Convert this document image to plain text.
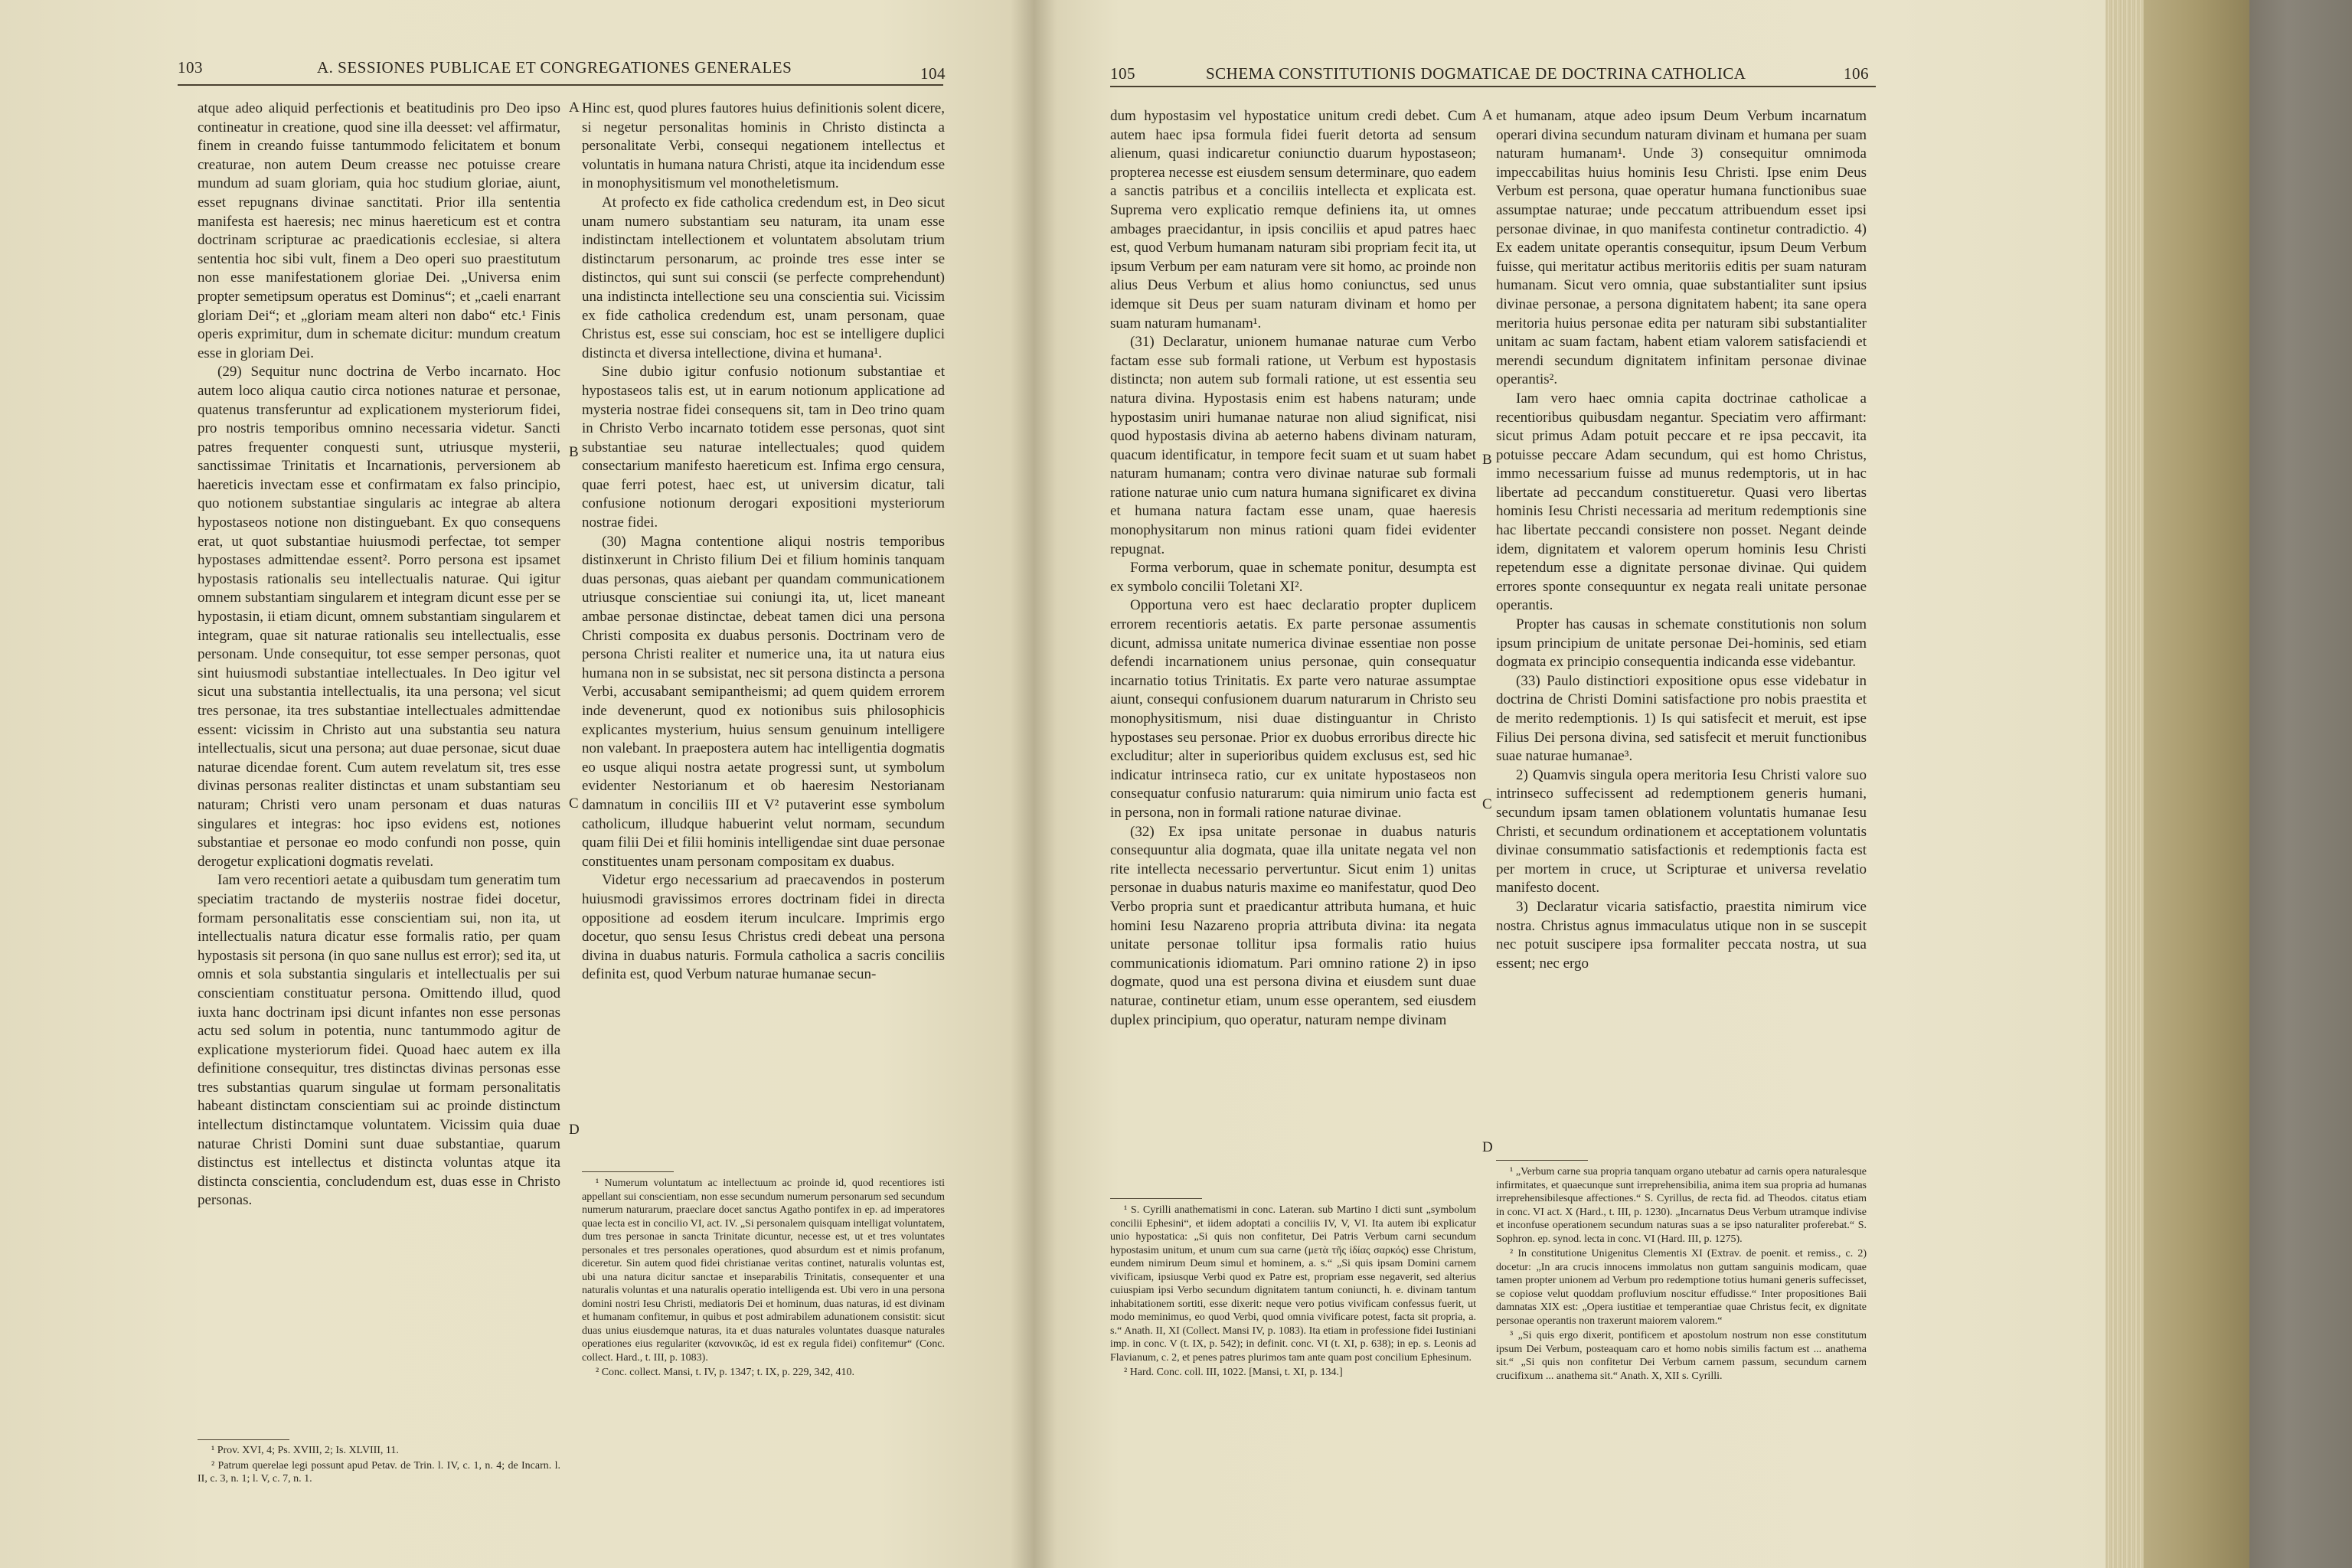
103	A. SESSIONES PUBLICAE ET CONGREGATIONES GENERALES	104

atque adeo aliquid perfectionis et beatitudinis pro Deo ipso contineatur in creatione, quod sine illa deesset: vel affirmatur, finem in creando fuisse tantummodo felicitatem et bonum creaturae, non autem Deum creasse nec potuisse creare mundum ad suam gloriam, quia hoc studium gloriae, aiunt, esset repugnans divinae sanctitati. Prior illa sententia manifesta est haeresis; nec minus haereticum est et contra doctrinam scripturae ac praedicationis ecclesiae, si altera sententia hoc sibi vult, finem a Deo operi suo praestitutum non esse manifestationem gloriae Dei. „Universa enim propter semetipsum operatus est Dominus“; et „caeli enarrant gloriam Dei“; et „gloriam meam alteri non dabo“ etc.¹ Finis operis exprimitur, dum in schemate dicitur: mundum creatum esse in gloriam Dei.

(29) Sequitur nunc doctrina de Verbo incarnato. Hoc autem loco aliqua cautio circa notiones naturae et personae, quatenus transferuntur ad explicationem mysteriorum fidei, pro nostris temporibus omnino necessaria videtur. Sancti patres frequenter conquesti sunt, utriusque mysterii, sanctissimae Trinitatis et Incarnationis, perversionem ab haereticis invectam esse et confirmatam ex falso principio, quo notionem substantiae singularis ac integrae ab altera hypostaseos notione non distinguebant. Ex quo consequens erat, ut quot substantiae huiusmodi perfectae, tot semper hypostases admittendae essent². Porro persona est ipsamet hypostasis rationalis seu intellectualis naturae. Qui igitur omnem substantiam singularem et integram dicunt esse per se hypostasin, ii etiam dicunt, omnem substantiam singularem et integram, quae sit naturae rationalis seu intellectualis, esse personam. Unde consequitur, tot esse semper personas, quot sint huiusmodi substantiae intellectuales. In Deo igitur vel sicut una substantia intellectualis, ita una persona; vel sicut tres personae, ita tres substantiae intellectuales admittendae essent: vicissim in Christo aut una substantia seu natura intellectualis, sicut una persona; aut duae personae, sicut duae naturae dicendae forent. Cum autem revelatum sit, tres esse divinas personas realiter distinctas et unam substantiam seu naturam; Christi vero unam personam et duas naturas singulares et integras: hoc ipso evidens est, notiones substantiae et personae eo modo confundi non posse, quin derogetur explicationi dogmatis revelati.

Iam vero recentiori aetate a quibusdam tum generatim tum speciatim tractando de mysteriis nostrae fidei docetur, formam personalitatis esse conscientiam sui, non ita, ut intellectualis natura dicatur esse formalis ratio, per quam hypostasis sit persona (in quo sane nullus est error); sed ita, ut omnis et sola substantia singularis et intellectualis per sui conscientiam constituatur persona. Omittendo illud, quod iuxta hanc doctrinam ipsi dicunt infantes non esse personas actu sed solum in potentia, nunc tantummodo agitur de explicatione mysteriorum fidei. Quoad haec autem ex illa definitione consequitur, tres distinctas divinas personas esse tres substantias quarum singulae ut formam personalitatis habeant distinctam conscientiam sui ac proinde distinctum intellectum distinctamque voluntatem. Vicissim quia duae naturae Christi Domini sunt duae substantiae, quarum distinctus est intellectus et distincta voluntas atque ita distincta conscientia, concludendum est, duas esse in Christo personas.

¹ Prov. XVI, 4; Ps. XVIII, 2; Is. XLVIII, 11.

² Patrum querelae legi possunt apud Petav. de Trin. l. IV, c. 1, n. 4; de Incarn. l. II, c. 3, n. 1; l. V, c. 7, n. 1.

A
B
C
D

Hinc est, quod plures fautores huius definitionis solent dicere, si negetur personalitas hominis in Christo distincta a personalitate Verbi, consequi negationem intellectus et voluntatis in humana natura Christi, atque ita incidendum esse in monophysitismum vel monotheletismum.

At profecto ex fide catholica credendum est, in Deo sicut unam numero substantiam seu naturam, ita unam esse indistinctam intellectionem et voluntatem absolutam trium distinctarum personarum, ac proinde tres esse inter se distinctos, qui sunt sui conscii (se perfecte comprehendunt) una indistincta intellectione seu una conscientia sui. Vicissim ex fide catholica credendum est, unam personam, quae Christus est, esse sui consciam, hoc est se intelligere duplici distincta et diversa intellectione, divina et humana¹.

Sine dubio igitur confusio notionum substantiae et hypostaseos talis est, ut in earum notionum applicatione ad mysteria nostrae fidei consequens sit, tam in Deo trino quam in Christo Verbo incarnato totidem esse personas, quot sint substantiae seu naturae intellectuales; quod quidem consectarium manifesto haereticum est. Infima ergo censura, quae ferri potest, haec est, ut universim dicatur, tali confusione notionum derogari expositioni mysteriorum nostrae fidei.

(30) Magna contentione aliqui nostris temporibus distinxerunt in Christo filium Dei et filium hominis tanquam duas personas, quas aiebant per quandam communicationem utriusque conscientiae sui coniungi ita, ut, licet maneant ambae personae distinctae, debeat tamen dici una persona Christi composita ex duabus personis. Doctrinam vero de persona Christi realiter et numerice una, ita ut natura eius humana non in se subsistat, nec sit persona distincta a persona Verbi, accusabant semipantheismi; ad quem quidem errorem inde devenerunt, quod ex notionibus suis philosophicis explicantes mysterium, huius sensum genuinum intelligere non valebant. In praepostera autem hac intelligentia dogmatis eo usque aliqui nostra aetate progressi sunt, ut symbolum evidenter Nestorianum et ob haeresim Nestorianam damnatum in conciliis III et V² putaverint esse symbolum catholicum, illudque habuerint velut normam, secundum quam filii Dei et filii hominis intelligendae sint duae personae constituentes unam personam compositam ex duabus.

Videtur ergo necessarium ad praecavendos in posterum huiusmodi gravissimos errores doctrinam fidei in directa oppositione ad eosdem iterum inculcare. Imprimis ergo docetur, quo sensu Iesus Christus credi debeat una persona divina in duabus naturis. Formula catholica a sacris conciliis definita est, quod Verbum naturae humanae secun-

¹ Numerum voluntatum ac intellectuum ac proinde id, quod recentiores isti appellant sui conscientiam, non esse secundum numerum personarum sed secundum numerum naturarum, praeclare docet sanctus Agatho pontifex in ep. ad imperatores quae lecta est in concilio VI, act. IV. „Si personalem quisquam intelligat voluntatem, dum tres personae in sancta Trinitate dicuntur, necesse est, ut et tres voluntates personales et tres personales operationes, quod absurdum est et nimis profanum, diceretur. Sin autem quod fidei christianae veritas continet, naturalis voluntas est, ubi una natura dicitur sanctae et inseparabilis Trinitatis, consequenter et una naturalis voluntas et una naturalis operatio intelligenda est. Ubi vero in una persona domini nostri Iesu Christi, mediatoris Dei et hominum, duas naturas, id est divinam et humanam confitemur, in quibus et post admirabilem adunationem consistit: sicut duas unius eiusdemque naturas, ita et duas naturales voluntates duasque naturales operationes eius regulariter (κανονικῶς, id est ex regula fidei) confitemur“ (Conc. collect. Hard., t. III, p. 1083).

² Conc. collect. Mansi, t. IV, p. 1347; t. IX, p. 229, 342, 410.

105	SCHEMA CONSTITUTIONIS DOGMATICAE DE DOCTRINA CATHOLICA	106

dum hypostasim vel hypostatice unitum credi debet. Cum autem haec ipsa formula fidei fuerit detorta ad sensum alienum, quasi indicaretur coniunctio duarum hypostaseon; propterea necesse est eiusdem sensum determinare, quo eadem a sanctis patribus et a conciliis intellecta et explicata est. Suprema vero explicatio remque definiens ita, ut omnes ambages praecidantur, in ipsis conciliis et apud patres haec est, quod Verbum humanam naturam sibi propriam fecit ita, ut ipsum Verbum per eam naturam vere sit homo, ac proinde non alius Deus Verbum et alius homo coniunctus, sed unus idemque sit Deus per suam naturam divinam et homo per suam naturam humanam¹.

(31) Declaratur, unionem humanae naturae cum Verbo factam esse sub formali ratione, ut Verbum est hypostasis distincta; non autem sub formali ratione, ut est essentia seu natura divina. Hypostasis enim est habens naturam; unde hypostasim uniri humanae naturae non aliud significat, nisi quod hypostasis divina ab aeterno habens divinam naturam, quacum identificatur, in tempore fecit suam et ut suam habet naturam humanam; contra vero divinae naturae sub formali ratione naturae unio cum natura humana significaret ex divina et humana natura factam esse unam, quae haeresis monophysitarum non minus rationi quam fidei evidenter repugnat.

Forma verborum, quae in schemate ponitur, desumpta est ex symbolo concilii Toletani XI².

Opportuna vero est haec declaratio propter duplicem errorem recentioris aetatis. Ex parte personae assumentis dicunt, admissa unitate numerica divinae essentiae non posse defendi incarnationem unius personae, quin consequatur incarnatio totius Trinitatis. Ex parte vero naturae assumptae aiunt, consequi confusionem duarum naturarum in Christo seu monophysitismum, nisi duae distinguantur in Christo hypostases seu personae. Prior ex duobus erroribus directe hic excluditur; alter in superioribus quidem exclusus est, sed hic indicatur intrinseca ratio, cur ex unitate hypostaseos non consequatur confusio naturarum: quia nimirum unio facta est in persona, non in formali ratione naturae divinae.

(32) Ex ipsa unitate personae in duabus naturis consequuntur alia dogmata, quae illa unitate negata vel non rite intellecta necessario pervertuntur. Sicut enim 1) unitas personae in duabus naturis maxime eo manifestatur, quod Deo Verbo propria sunt et praedicantur attributa humana, et huic homini Iesu Nazareno propria attributa divina: ita negata unitate personae tollitur ipsa formalis ratio huius communicationis idiomatum. Pari omnino ratione 2) in ipso dogmate, quod una est persona divina et eiusdem sunt duae naturae, continetur etiam, unum esse operantem, sed eiusdem duplex principium, quo operatur, naturam nempe divinam

¹ S. Cyrilli anathematismi in conc. Lateran. sub Martino I dicti sunt „symbolum concilii Ephesini“, et iidem adoptati a conciliis IV, V, VI. Ita autem ibi explicatur unio hypostatica: „Si quis non confitetur, Dei Patris Verbum carni secundum hypostasim unitum, et unum cum sua carne (μετὰ τῆς ἰδίας σαρκός) esse Christum, eundem nimirum Deum simul et hominem, a. s.“ „Si quis ipsam Domini carnem vivificam, ipsiusque Verbi quod ex Patre est, propriam esse negaverit, sed alterius cuiuspiam ipsi Verbo secundum dignitatem tantum coniuncti, h. e. divinam tantum inhabitationem sortiti, esse dixerit: neque vero potius vivificam confessus fuerit, ut modo meminimus, eo quod Verbi, quod omnia vivificare potest, facta sit propria, a. s.“ Anath. II, XI (Collect. Mansi IV, p. 1083). Ita etiam in professione fidei Iustiniani imp. in conc. V (t. IX, p. 542); in definit. conc. VI (t. XI, p. 638); in ep. s. Leonis ad Flavianum, c. 2, et penes patres plurimos tam ante quam post concilium Ephesinum.

² Hard. Conc. coll. III, 1022. [Mansi, t. XI, p. 134.]

A
B
C
D

et humanam, atque adeo ipsum Deum Verbum incarnatum operari divina secundum naturam divinam et humana per suam naturam humanam¹. Unde 3) consequitur omnimoda impeccabilitas huius hominis Iesu Christi. Ipse enim Deus Verbum est persona, quae operatur humana functionibus suae assumptae naturae; unde peccatum attribuendum esset ipsi personae divinae, in quo manifesta continetur contradictio. 4) Ex eadem unitate operantis consequitur, ipsum Deum Verbum fuisse, qui meritatur actibus meritoriis editis per suam naturam humanam. Sicut vero omnia, quae substantialiter sunt ipsius divinae personae, a persona dignitatem habent; ita sane opera meritoria huius personae edita per naturam sibi substantialiter unitam ac suam factam, habent etiam valorem satisfaciendi et merendi secundum dignitatem infinitam personae divinae operantis².

Iam vero haec omnia capita doctrinae catholicae a recentioribus quibusdam negantur. Speciatim vero affirmant: sicut primus Adam potuit peccare et re ipsa peccavit, ita potuisse peccare Adam secundum, qui est homo Christus, immo necessarium fuisse ad munus redemptoris, ut in hac libertate ad peccandum constitueretur. Quasi vero libertas hominis Iesu Christi necessaria ad meritum redemptionis sine hac libertate peccandi consistere non posset. Negant deinde idem, dignitatem et valorem operum hominis Iesu Christi repetendum esse a dignitate personae divinae. Qui quidem errores sponte consequuntur ex negata reali unitate personae operantis.

Propter has causas in schemate constitutionis non solum ipsum principium de unitate personae Dei-hominis, sed etiam dogmata ex principio consequentia indicanda esse videbantur.

(33) Paulo distinctiori expositione opus esse videbatur in doctrina de Christi Domini satisfactione pro nobis praestita et de merito redemptionis. 1) Is qui satisfecit et meruit, est ipse Filius Dei persona divina, sed satisfecit et meruit functionibus suae naturae humanae³.

2) Quamvis singula opera meritoria Iesu Christi valore suo intrinseco suffecissent ad redemptionem generis humani, secundum ipsam tamen oblationem voluntatis humanae Iesu Christi, et secundum ordinationem et acceptationem voluntatis divinae consummatio satisfactionis et redemptionis facta est per mortem in cruce, ut Scripturae et universa revelatio manifesto docent.

3) Declaratur vicaria satisfactio, praestita nimirum vice nostra. Christus agnus immaculatus utique non in se suscepit nec potuit suscipere ipsa formaliter peccata nostra, ut sua essent; nec ergo

¹ „Verbum carne sua propria tanquam organo utebatur ad carnis opera naturalesque infirmitates, et quaecunque sunt irreprehensibilia, anima item sua propria ad humanas irreprehensibilesque affectiones.“ S. Cyrillus, de recta fid. ad Theodos. citatus etiam in conc. VI act. X (Hard., t. III, p. 1230). „Incarnatus Deus Verbum utramque indivise et inconfuse operationem secundum naturas suas a se ipso naturaliter proferebat.“ S. Sophron. ep. synod. lecta in conc. VI (Hard. III, p. 1275).

² In constitutione Unigenitus Clementis XI (Extrav. de poenit. et remiss., c. 2) docetur: „In ara crucis innocens immolatus non guttam sanguinis modicam, quae tamen propter unionem ad Verbum pro redemptione totius humani generis suffecisset, se copiose velut quoddam profluvium noscitur effudisse.“ Inter propositiones Baii damnatas XIX est: „Opera iustitiae et temperantiae quae Christus fecit, ex dignitate personae operantis non traxerunt maiorem valorem.“

³ „Si quis ergo dixerit, pontificem et apostolum nostrum non esse constitutum ipsum Dei Verbum, posteaquam caro et homo nobis similis factum est ... anathema sit.“ „Si quis non confitetur Dei Verbum carnem passum, secundum carnem crucifixum ... anathema sit.“ Anath. X, XII s. Cyrilli.
